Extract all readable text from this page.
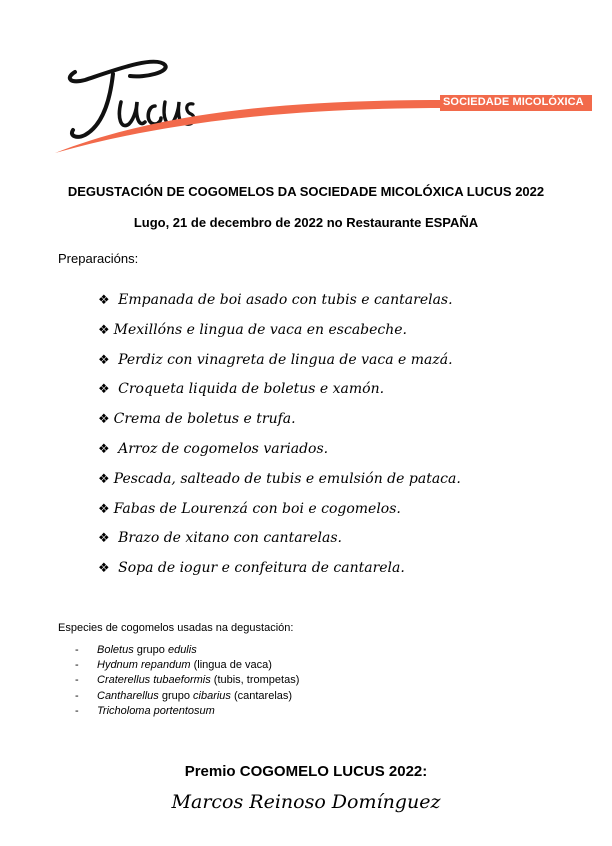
SOCIEDADE MICOLÓXICA
DEGUSTACIÓN DE COGOMELOS DA SOCIEDADE MICOLÓXICA LUCUS 2022
Lugo, 21 de decembro de 2022 no Restaurante ESPAÑA
Preparacións:
❖ Empanada de boi asado con tubis e cantarelas.
❖ Mexillóns e lingua de vaca en escabeche.
❖ Perdiz con vinagreta de lingua de vaca e mazá.
❖ Croqueta liquida de boletus e xamón.
❖ Crema de boletus e trufa.
❖ Arroz de cogomelos variados.
❖ Pescada, salteado de tubis e emulsión de pataca.
❖ Fabas de Lourenzá con boi e cogomelos.
❖ Brazo de xitano con cantarelas.
❖ Sopa de iogur e confeitura de cantarela.
Especies de cogomelos usadas na degustación:
- Boletus grupo edulis
- Hydnum repandum (lingua de vaca)
- Craterellus tubaeformis (tubis, trompetas)
- Cantharellus grupo cibarius (cantarelas)
- Tricholoma portentosum
Premio COGOMELO LUCUS 2022:
Marcos Reinoso Domínguez
